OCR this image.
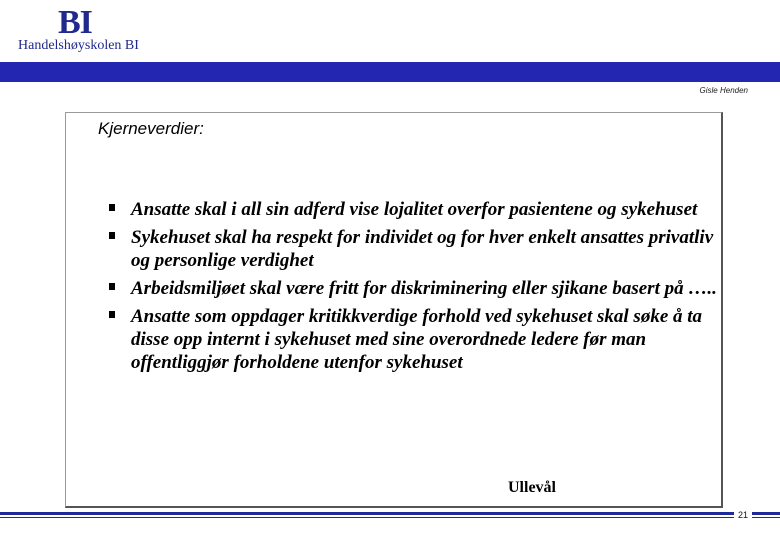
BI
Handelshøyskolen BI
Gisle Henden
Kjerneverdier:
Ansatte skal i all sin adferd vise lojalitet overfor pasientene og sykehuset
Sykehuset skal ha respekt for individet og for hver enkelt ansattes privatliv og personlige verdighet
Arbeidsmiljøet skal være fritt for diskriminering eller sjikane basert på …..
Ansatte som oppdager kritikkverdige forhold ved sykehuset skal søke å ta disse opp internt i sykehuset med sine overordnede ledere før man offentliggjør forholdene utenfor sykehuset
Ullevål
21
